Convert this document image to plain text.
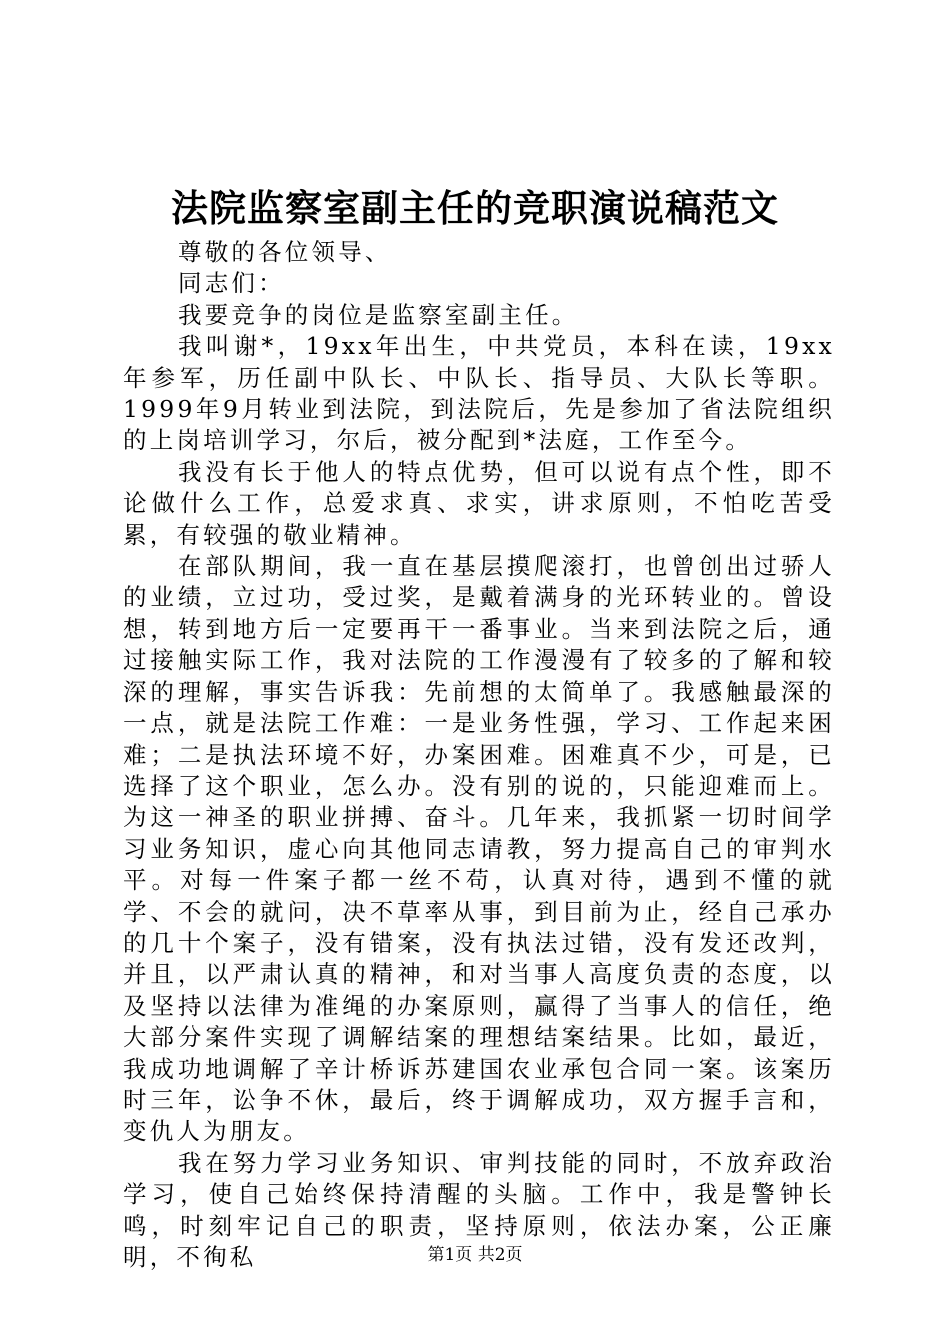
法院监察室副主任的竞职演说稿范文

尊敬的各位领导、

同志们：

我要竞争的岗位是监察室副主任。

我叫谢*，19xx年出生，中共党员，本科在读，19xx年参军，历任副中队长、中队长、指导员、大队长等职。1999年9月转业到法院，到法院后，先是参加了省法院组织的上岗培训学习，尔后，被分配到*法庭，工作至今。

我没有长于他人的特点优势，但可以说有点个性，即不论做什么工作，总爱求真、求实，讲求原则，不怕吃苦受累，有较强的敬业精神。

在部队期间，我一直在基层摸爬滚打，也曾创出过骄人的业绩，立过功，受过奖，是戴着满身的光环转业的。曾设想，转到地方后一定要再干一番事业。当来到法院之后，通过接触实际工作，我对法院的工作漫漫有了较多的了解和较深的理解，事实告诉我：先前想的太简单了。我感触最深的一点，就是法院工作难：一是业务性强，学习、工作起来困难；二是执法环境不好，办案困难。困难真不少，可是，已选择了这个职业，怎么办。没有别的说的，只能迎难而上。为这一神圣的职业拼搏、奋斗。几年来，我抓紧一切时间学习业务知识，虚心向其他同志请教，努力提高自己的审判水平。对每一件案子都一丝不苟，认真对待，遇到不懂的就学、不会的就问，决不草率从事，到目前为止，经自己承办的几十个案子，没有错案，没有执法过错，没有发还改判，并且，以严肃认真的精神，和对当事人高度负责的态度，以及坚持以法律为准绳的办案原则，赢得了当事人的信任，绝大部分案件实现了调解结案的理想结案结果。比如，最近，我成功地调解了辛计桥诉苏建国农业承包合同一案。该案历时三年，讼争不休，最后，终于调解成功，双方握手言和，变仇人为朋友。

我在努力学习业务知识、审判技能的同时，不放弃政治学习，使自己始终保持清醒的头脑。工作中，我是警钟长鸣，时刻牢记自己的职责，坚持原则，依法办案，公正廉明，不徇私	第1页 共2页
